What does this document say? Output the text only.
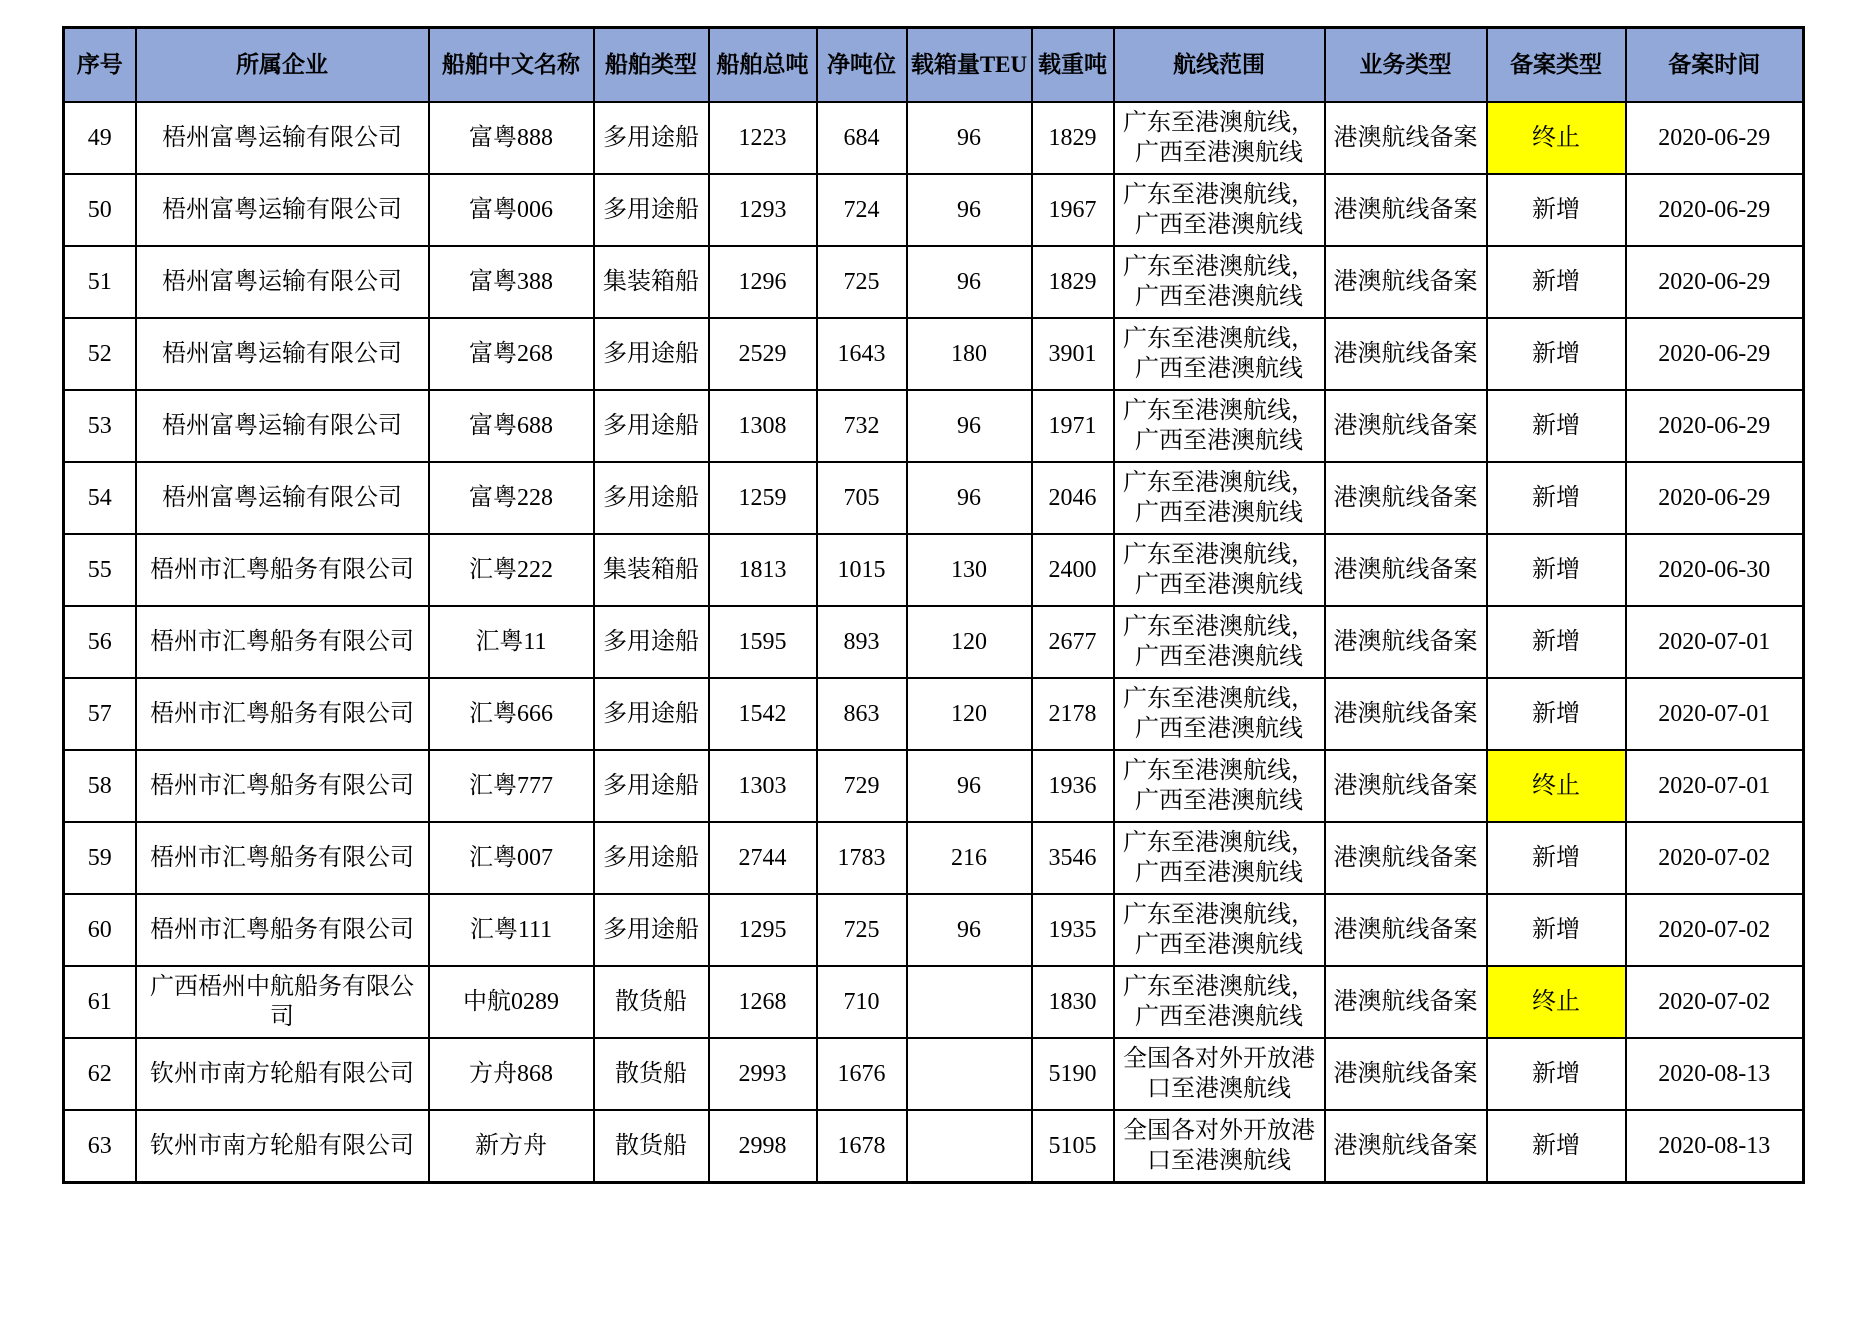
序号	所属企业	船舶中文名称	船舶类型	船舶总吨	净吨位	载箱量TEU	载重吨	航线范围	业务类型	备案类型	备案时间
49	梧州富粤运输有限公司	富粤888	多用途船	1223	684	96	1829	广东至港澳航线，广西至港澳航线	港澳航线备案	终止	2020-06-29
50	梧州富粤运输有限公司	富粤006	多用途船	1293	724	96	1967	广东至港澳航线，广西至港澳航线	港澳航线备案	新增	2020-06-29
51	梧州富粤运输有限公司	富粤388	集装箱船	1296	725	96	1829	广东至港澳航线，广西至港澳航线	港澳航线备案	新增	2020-06-29
52	梧州富粤运输有限公司	富粤268	多用途船	2529	1643	180	3901	广东至港澳航线，广西至港澳航线	港澳航线备案	新增	2020-06-29
53	梧州富粤运输有限公司	富粤688	多用途船	1308	732	96	1971	广东至港澳航线，广西至港澳航线	港澳航线备案	新增	2020-06-29
54	梧州富粤运输有限公司	富粤228	多用途船	1259	705	96	2046	广东至港澳航线，广西至港澳航线	港澳航线备案	新增	2020-06-29
55	梧州市汇粤船务有限公司	汇粤222	集装箱船	1813	1015	130	2400	广东至港澳航线，广西至港澳航线	港澳航线备案	新增	2020-06-30
56	梧州市汇粤船务有限公司	汇粤11	多用途船	1595	893	120	2677	广东至港澳航线，广西至港澳航线	港澳航线备案	新增	2020-07-01
57	梧州市汇粤船务有限公司	汇粤666	多用途船	1542	863	120	2178	广东至港澳航线，广西至港澳航线	港澳航线备案	新增	2020-07-01
58	梧州市汇粤船务有限公司	汇粤777	多用途船	1303	729	96	1936	广东至港澳航线，广西至港澳航线	港澳航线备案	终止	2020-07-01
59	梧州市汇粤船务有限公司	汇粤007	多用途船	2744	1783	216	3546	广东至港澳航线，广西至港澳航线	港澳航线备案	新增	2020-07-02
60	梧州市汇粤船务有限公司	汇粤111	多用途船	1295	725	96	1935	广东至港澳航线，广西至港澳航线	港澳航线备案	新增	2020-07-02
61	广西梧州中航船务有限公司	中航0289	散货船	1268	710		1830	广东至港澳航线，广西至港澳航线	港澳航线备案	终止	2020-07-02
62	钦州市南方轮船有限公司	方舟868	散货船	2993	1676		5190	全国各对外开放港口至港澳航线	港澳航线备案	新增	2020-08-13
63	钦州市南方轮船有限公司	新方舟	散货船	2998	1678		5105	全国各对外开放港口至港澳航线	港澳航线备案	新增	2020-08-13
